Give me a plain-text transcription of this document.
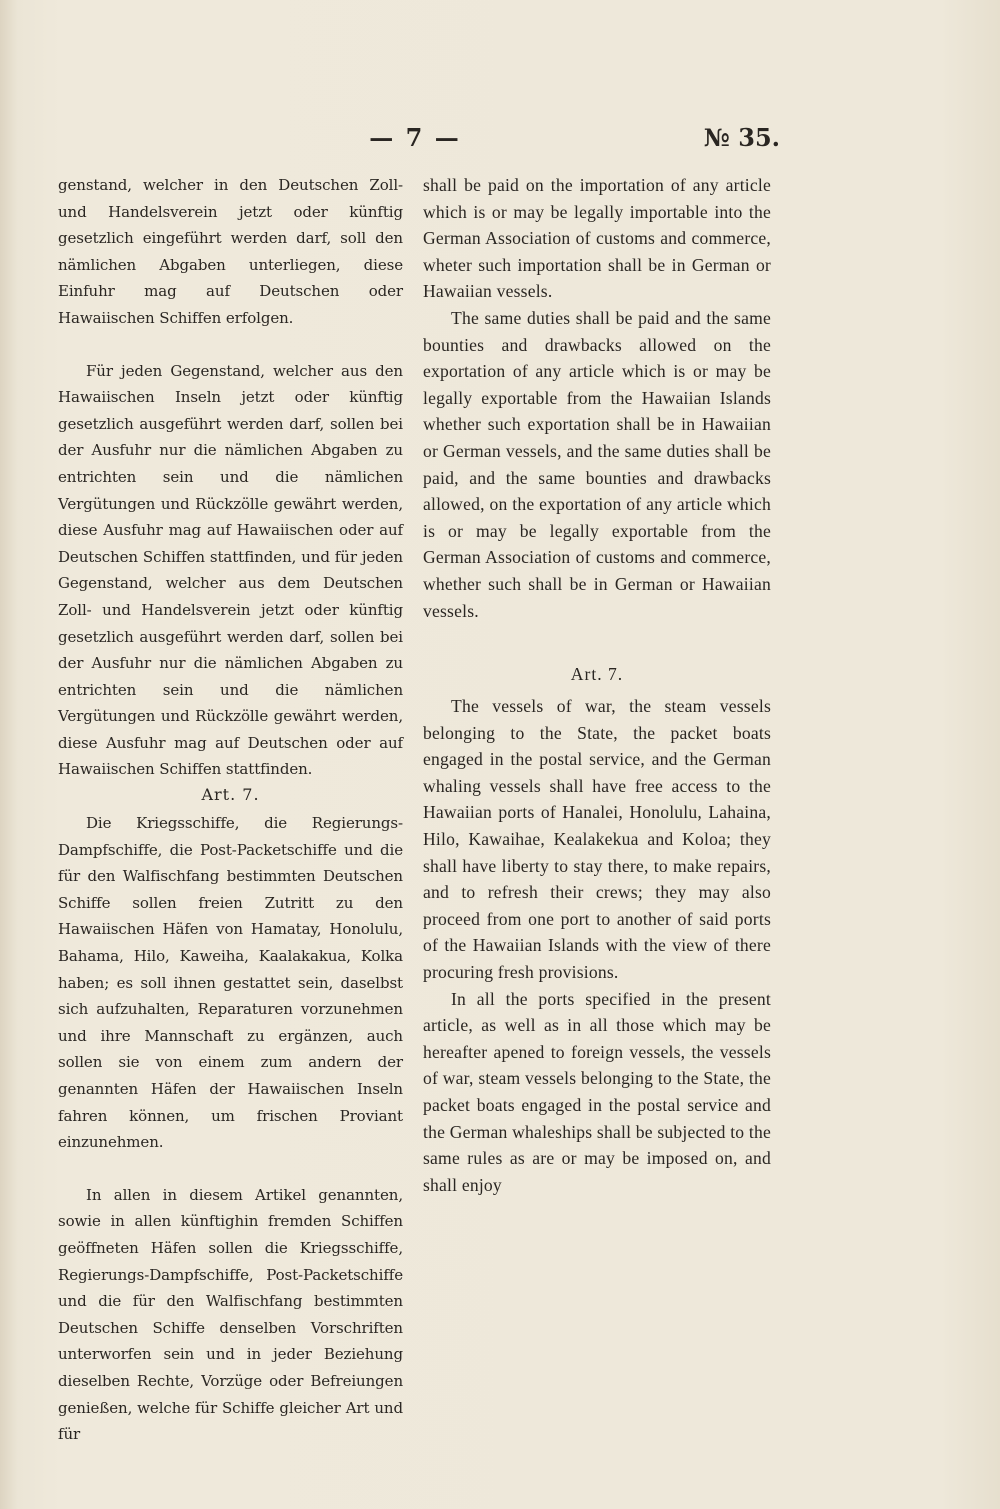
— 7 —	№ 35.

genstand, welcher in den Deutschen Zoll- und Handelsverein jetzt oder künftig gesetzlich eingeführt werden darf, soll den nämlichen Abgaben unterliegen, diese Einfuhr mag auf Deutschen oder Hawaiischen Schiffen erfolgen.

Für jeden Gegenstand, welcher aus den Hawaiischen Inseln jetzt oder künftig gesetzlich ausgeführt werden darf, sollen bei der Ausfuhr nur die nämlichen Abgaben zu entrichten sein und die nämlichen Vergütungen und Rückzölle gewährt werden, diese Ausfuhr mag auf Hawaiischen oder auf Deutschen Schiffen stattfinden, und für jeden Gegenstand, welcher aus dem Deutschen Zoll- und Handelsverein jetzt oder künftig gesetzlich ausgeführt werden darf, sollen bei der Ausfuhr nur die nämlichen Abgaben zu entrichten sein und die nämlichen Vergütungen und Rückzölle gewährt werden, diese Ausfuhr mag auf Deutschen oder auf Hawaiischen Schiffen stattfinden.

Art. 7.

Die Kriegsschiffe, die Regierungs-Dampfschiffe, die Post-Packetschiffe und die für den Walfischfang bestimmten Deutschen Schiffe sollen freien Zutritt zu den Hawaiischen Häfen von Hamatay, Honolulu, Bahama, Hilo, Kaweiha, Kaalakakua, Kolka haben; es soll ihnen gestattet sein, daselbst sich aufzuhalten, Reparaturen vorzunehmen und ihre Mannschaft zu ergänzen, auch sollen sie von einem zum andern der genannten Häfen der Hawaiischen Inseln fahren können, um frischen Proviant einzunehmen.

In allen in diesem Artikel genannten, sowie in allen künftighin fremden Schiffen geöffneten Häfen sollen die Kriegsschiffe, Regierungs-Dampfschiffe, Post-Packetschiffe und die für den Walfischfang bestimmten Deutschen Schiffe denselben Vorschriften unterworfen sein und in jeder Beziehung dieselben Rechte, Vorzüge oder Befreiungen genießen, welche für Schiffe gleicher Art und für

shall be paid on the importation of any article which is or may be legally importable into the German Association of customs and commerce, wheter such importation shall be in German or Hawaiian vessels.

The same duties shall be paid and the same bounties and drawbacks allowed on the exportation of any article which is or may be legally exportable from the Hawaiian Islands whether such exportation shall be in Hawaiian or German vessels, and the same duties shall be paid, and the same bounties and drawbacks allowed, on the exportation of any article which is or may be legally exportable from the German Association of customs and commerce, whether such shall be in German or Hawaiian vessels.

Art. 7.

The vessels of war, the steam vessels belonging to the State, the packet boats engaged in the postal service, and the German whaling vessels shall have free access to the Hawaiian ports of Hanalei, Honolulu, Lahaina, Hilo, Kawaihae, Kealakekua and Koloa; they shall have liberty to stay there, to make repairs, and to refresh their crews; they may also proceed from one port to another of said ports of the Hawaiian Islands with the view of there procuring fresh provisions.

In all the ports specified in the present article, as well as in all those which may be hereafter apened to foreign vessels, the vessels of war, steam vessels belonging to the State, the packet boats engaged in the postal service and the German whaleships shall be subjected to the same rules as are or may be imposed on, and shall enjoy
